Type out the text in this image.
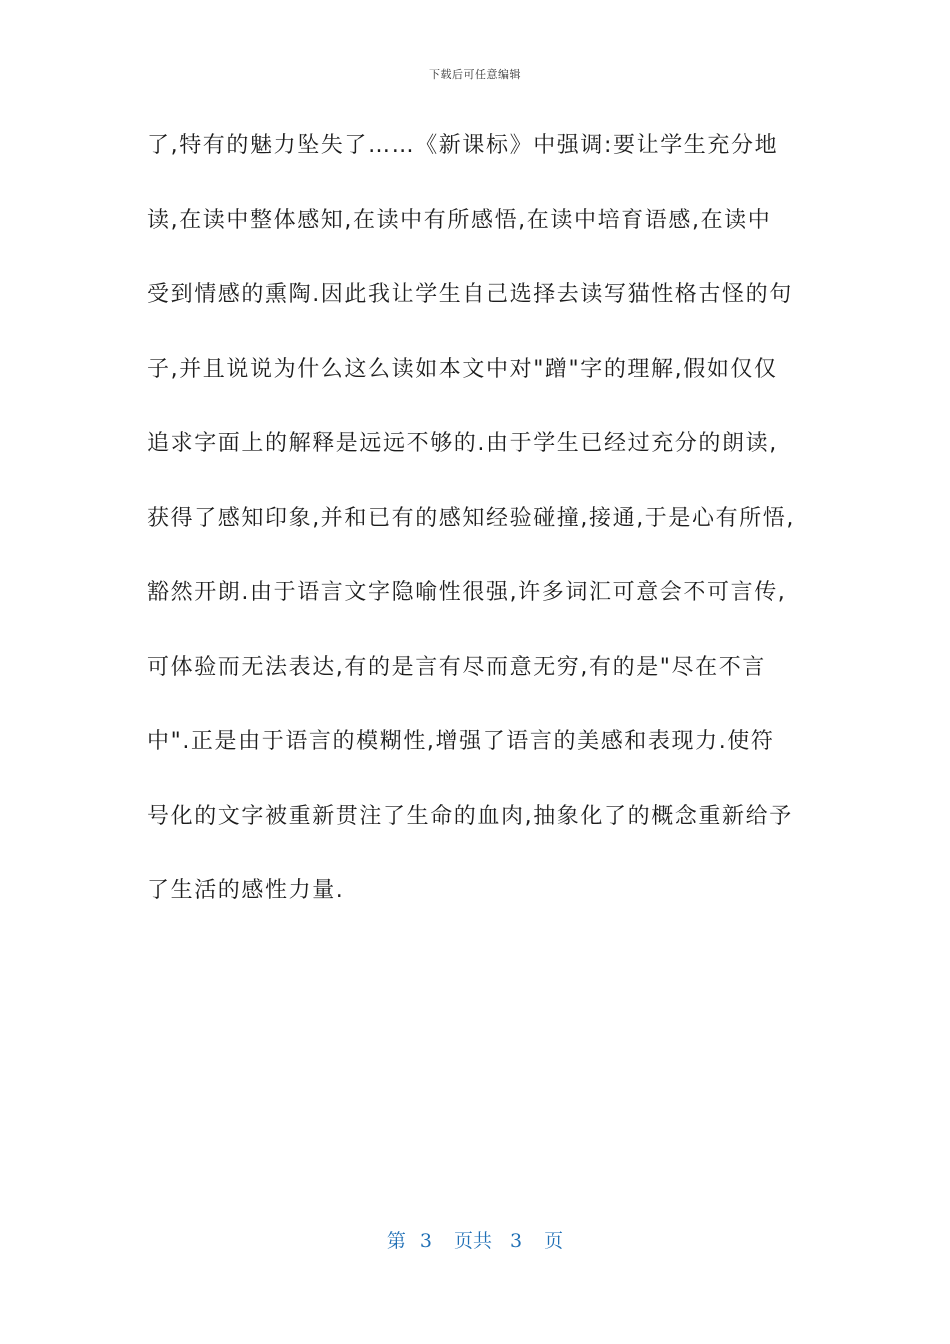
下载后可任意编辑
了,特有的魅力坠失了……《新课标》中强调:要让学生充分地
读,在读中整体感知,在读中有所感悟,在读中培育语感,在读中
受到情感的熏陶.因此我让学生自己选择去读写猫性格古怪的句
子,并且说说为什么这么读如本文中对"蹭"字的理解,假如仅仅
追求字面上的解释是远远不够的.由于学生已经过充分的朗读,
获得了感知印象,并和已有的感知经验碰撞,接通,于是心有所悟,
豁然开朗.由于语言文字隐喻性很强,许多词汇可意会不可言传,
可体验而无法表达,有的是言有尽而意无穷,有的是"尽在不言
中".正是由于语言的模糊性,增强了语言的美感和表现力.使符
号化的文字被重新贯注了生命的血肉,抽象化了的概念重新给予
了生活的感性力量.
第 3 页共 3 页
